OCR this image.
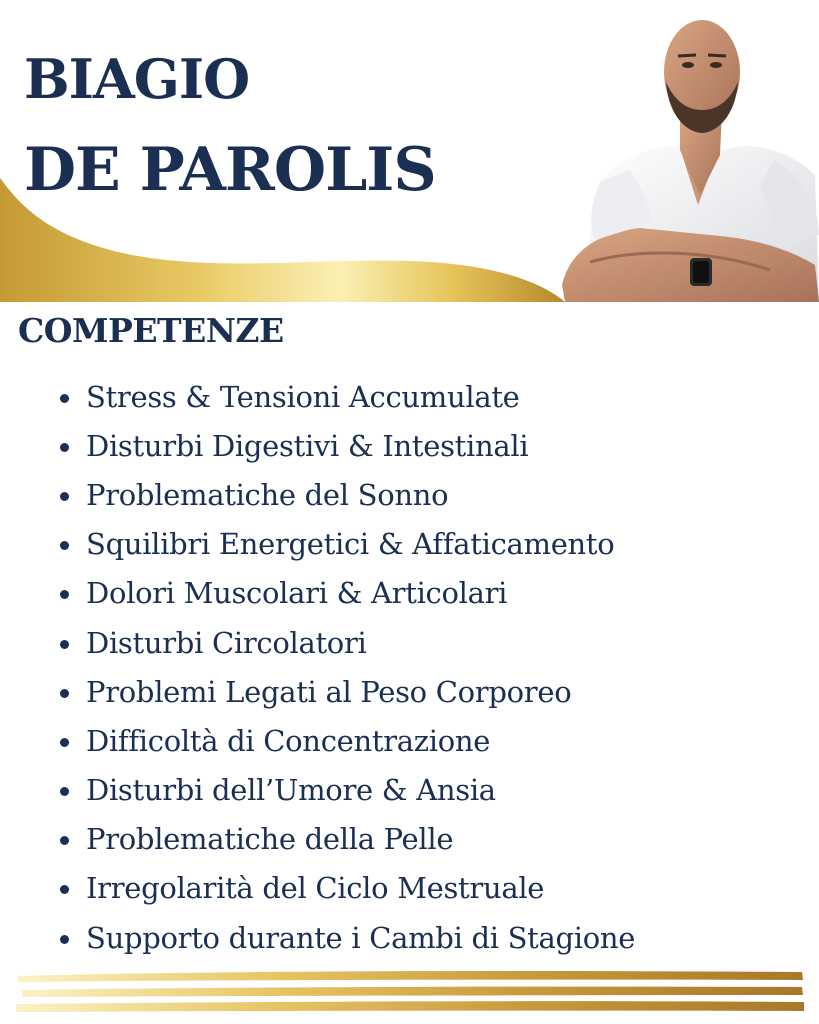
BIAGIO
DE PAROLIS
COMPETENZE
Stress & Tensioni Accumulate
Disturbi Digestivi & Intestinali
Problematiche del Sonno
Squilibri Energetici & Affaticamento
Dolori Muscolari & Articolari
Disturbi Circolatori
Problemi Legati al Peso Corporeo
Difficoltà di Concentrazione
Disturbi dell’Umore & Ansia
Problematiche della Pelle
Irregolarità del Ciclo Mestruale
Supporto durante i Cambi di Stagione
